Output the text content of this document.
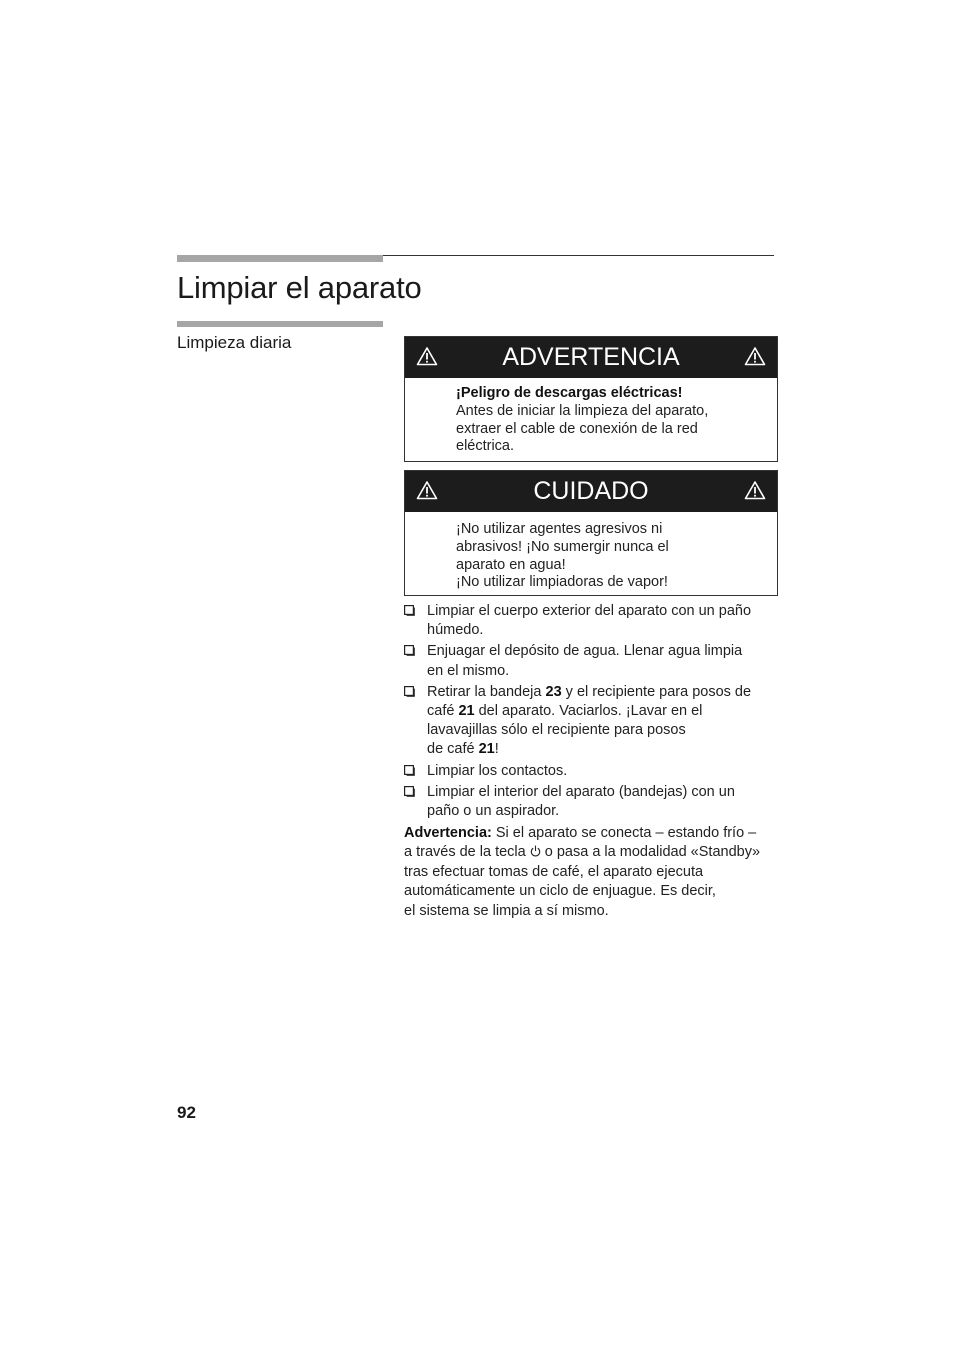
Limpiar el aparato
Limpieza diaria
ADVERTENCIA
¡Peligro de descargas eléctricas!
Antes de iniciar la limpieza del aparato,
extraer el cable de conexión de la red
eléctrica.
CUIDADO
¡No utilizar agentes agresivos ni
abrasivos! ¡No sumergir nunca el
aparato en agua!
¡No utilizar limpiadoras de vapor!
Limpiar el cuerpo exterior del aparato con un paño
húmedo.
Enjuagar el depósito de agua. Llenar agua limpia
en el mismo.
Retirar la bandeja 23 y el recipiente para posos de
café 21 del aparato. Vaciarlos. ¡Lavar en el
lavavajillas sólo el recipiente para posos
de café 21!
Limpiar los contactos.
Limpiar el interior del aparato (bandejas) con un
paño o un aspirador.
Advertencia: Si el aparato se conecta – estando frío –
a través de la tecla  o pasa a la modalidad «Standby»
tras efectuar tomas de café, el aparato ejecuta
automáticamente un ciclo de enjuague. Es decir,
el sistema se limpia a sí mismo.
92
